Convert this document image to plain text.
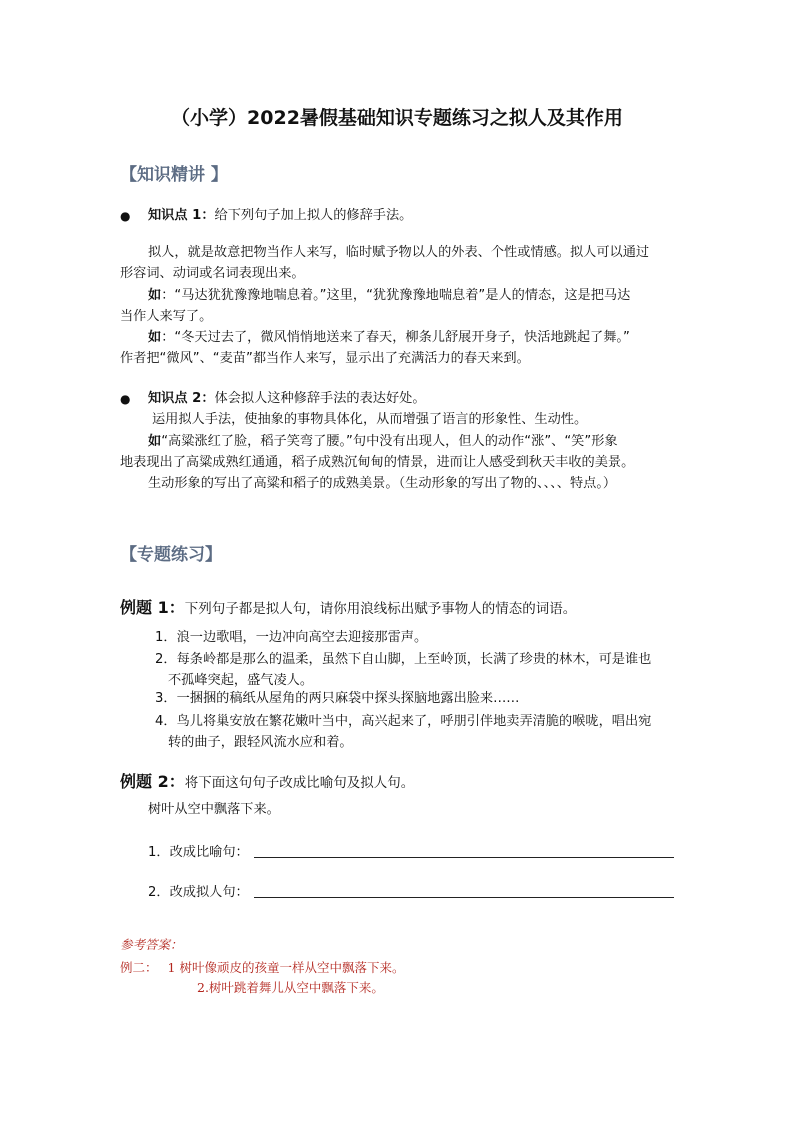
（小学）2022暑假基础知识专题练习之拟人及其作用
【知识精讲 】
● 知识点 1：给下列句子加上拟人的修辞手法。
拟人，就是故意把物当作人来写，临时赋予物以人的外表、个性或情感。拟人可以通过
形容词、动词或名词表现出来。
如：“马达犹犹豫豫地喘息着。”这里，“犹犹豫豫地喘息着”是人的情态，这是把马达
当作人来写了。
如：“冬天过去了，微风悄悄地送来了春天，柳条儿舒展开身子，快活地跳起了舞。”
作者把“微风”、“麦苗”都当作人来写，显示出了充满活力的春天来到。
● 知识点 2：体会拟人这种修辞手法的表达好处。
运用拟人手法，使抽象的事物具体化，从而增强了语言的形象性、生动性。
如“高粱涨红了脸，稻子笑弯了腰。”句中没有出现人，但人的动作“涨”、“笑”形象
地表现出了高粱成熟红通通，稻子成熟沉甸甸的情景，进而让人感受到秋天丰收的美景。
生动形象的写出了高粱和稻子的成熟美景。（生动形象的写出了物的、、、、特点。）
【专题练习】
例题 1：下列句子都是拟人句，请你用浪线标出赋予事物人的情态的词语。
1．浪一边歌唱，一边冲向高空去迎接那雷声。
2．每条岭都是那么的温柔，虽然下自山脚，上至岭顶，长满了珍贵的林木，可是谁也
不孤峰突起，盛气凌人。
3．一捆捆的稿纸从屋角的两只麻袋中探头探脑地露出脸来……
4．鸟儿将巢安放在繁花嫩叶当中，高兴起来了，呼朋引伴地卖弄清脆的喉咙，唱出宛
转的曲子，跟轻风流水应和着。
例题 2：将下面这句句子改成比喻句及拟人句。
树叶从空中飘落下来。
1．改成比喻句：
2．改成拟人句：
参考答案：
例二： 1 树叶像顽皮的孩童一样从空中飘落下来。
2.树叶跳着舞儿从空中飘落下来。
